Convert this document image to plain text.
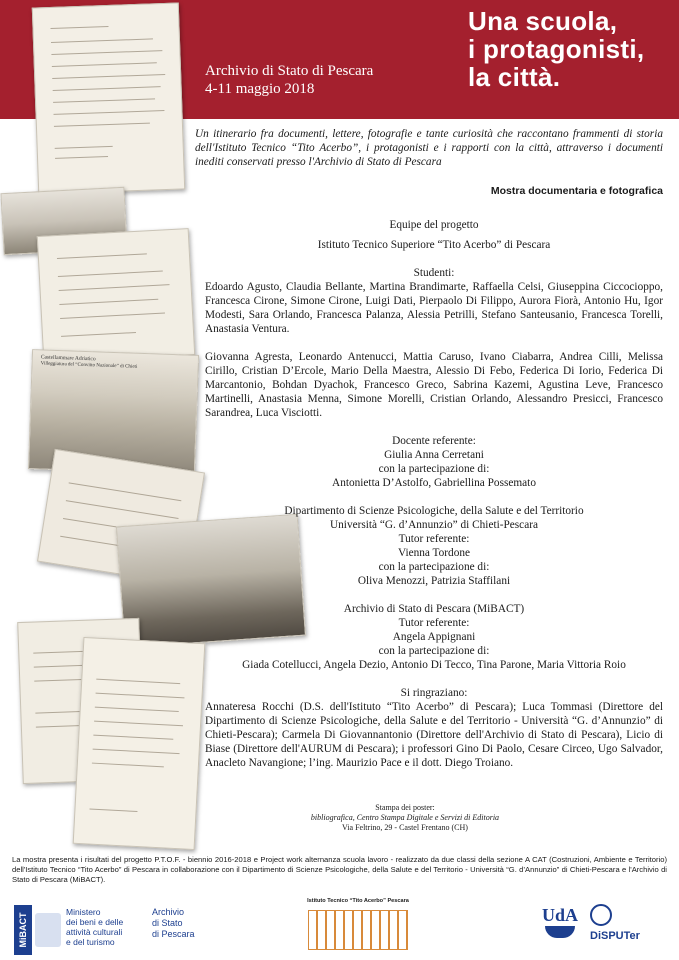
Archivio di Stato di Pescara
4-11 maggio 2018
Una scuola,
i protagonisti,
la città.
Castellammare Adriatico
Villeggiatura del “Convitto Nazionale” di Chieti
Un itinerario fra documenti, lettere, fotografie e tante curiosità che raccontano frammenti di storia dell'Istituto Tecnico “Tito Acerbo”, i protagonisti e i rapporti con la città, attraverso i documenti inediti conservati presso l'Archivio di Stato di Pescara
Mostra documentaria e fotografica
Equipe del progetto
Istituto Tecnico Superiore “Tito Acerbo” di Pescara
Studenti:
Edoardo Agusto, Claudia Bellante, Martina Brandimarte, Raffaella Celsi, Giuseppina Ciccocioppo, Francesca Cirone, Simone Cirone, Luigi Dati, Pierpaolo Di Filippo, Aurora Fiorà, Antonio Hu, Igor Modesti, Sara Orlando, Francesca Palanza, Alessia Petrilli, Stefano Santeusanio, Francesca Torelli, Anastasia Ventura.
Giovanna Agresta, Leonardo Antenucci, Mattia Caruso, Ivano Ciabarra, Andrea Cilli, Melissa Cirillo, Cristian D’Ercole, Mario Della Maestra, Alessio Di Febo, Federica Di Iorio, Federica Di Marcantonio, Bohdan Dyachok, Francesco Greco, Sabrina Kazemi, Agustina Leve, Francesco Martinelli, Anastasia Menna, Simone Morelli, Cristian Orlando, Alessandro Presicci, Francesco Sarandrea, Luca Visciotti.
Docente referente:
Giulia Anna Cerretani
con la partecipazione di:
Antonietta D’Astolfo, Gabriellina Possemato
Dipartimento di Scienze Psicologiche, della Salute e del Territorio
Università “G. d’Annunzio” di Chieti-Pescara
Tutor referente:
Vienna Tordone
con la partecipazione di:
Oliva Menozzi, Patrizia Staffilani
Archivio di Stato di Pescara (MiBACT)
Tutor referente:
Angela Appignani
con la partecipazione di:
Giada Cotellucci, Angela Dezio, Antonio Di Tecco, Tina Parone, Maria Vittoria Roio
Si ringraziano:
Annateresa Rocchi (D.S. dell'Istituto “Tito Acerbo” di Pescara); Luca Tommasi (Direttore del Dipartimento di Scienze Psicologiche, della Salute e del Territorio - Università “G. d’Annunzio” di Chieti-Pescara); Carmela Di Giovannantonio (Direttore dell'Archivio di Stato di Pescara), Licio di Biase (Direttore dell'AURUM di Pescara); i professori Gino Di Paolo, Cesare Circeo, Ugo Salvador, Anacleto Navangione; l’ing. Maurizio Pace e il dott. Diego Troiano.
Stampa dei poster:
bibliografica, Centro Stampa Digitale e Servizi di Editoria
Via Feltrino, 29 - Castel Frentano (CH)
La mostra presenta i risultati del progetto P.T.O.F. - biennio 2016-2018 e Project work alternanza scuola lavoro - realizzato da due classi della sezione A CAT (Costruzioni, Ambiente e Territorio) dell'Istituto Tecnico “Tito Acerbo” di Pescara in collaborazione con il Dipartimento di Scienze Psicologiche, della Salute e del Territorio - Università “G. d’Annunzio” di Chieti-Pescara e l'Archivio di Stato di Pescara (MiBACT).
MiBACT
Ministero
dei beni e delle
attività culturali
e del turismo
Archivio
di Stato
di Pescara
Istituto Tecnico “Tito Acerbo” Pescara
UdA
DiSPUTer
